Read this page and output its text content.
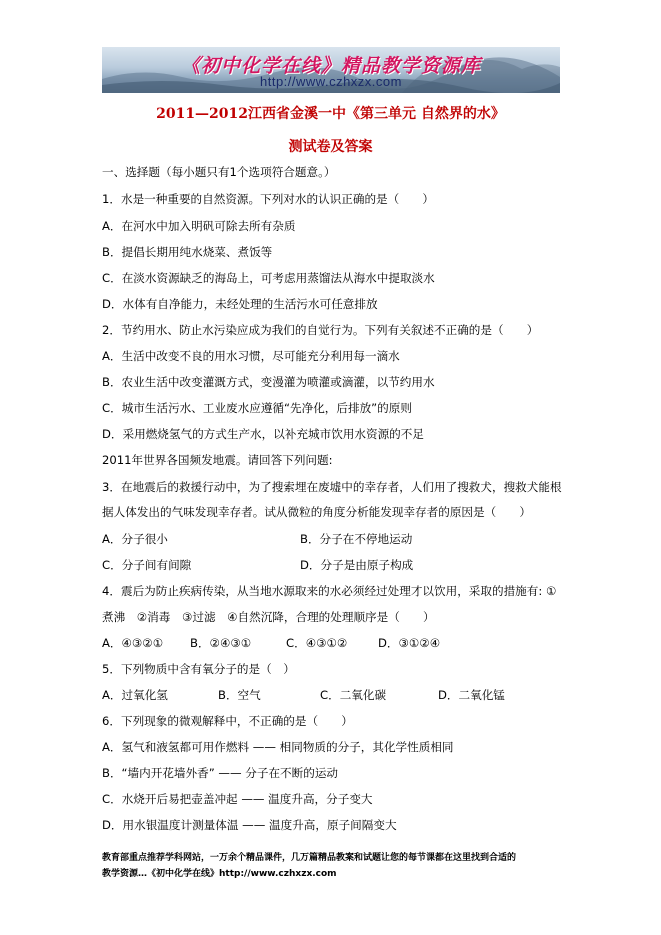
《初中化学在线》精品教学资源库
http://www.czhxzx.com
2011—2012江西省金溪一中《第三单元 自然界的水》
测试卷及答案
一、选择题（每小题只有1个选项符合题意。）
1．水是一种重要的自然资源。下列对水的认识正确的是（　　）
A．在河水中加入明矾可除去所有杂质
B．提倡长期用纯水烧菜、煮饭等
C．在淡水资源缺乏的海岛上，可考虑用蒸馏法从海水中提取淡水
D．水体有自净能力，未经处理的生活污水可任意排放
2．节约用水、防止水污染应成为我们的自觉行为。下列有关叙述不正确的是（　　）
A．生活中改变不良的用水习惯，尽可能充分利用每一滴水
B．农业生活中改变灌溉方式，变漫灌为喷灌或滴灌，以节约用水
C．城市生活污水、工业废水应遵循“先净化，后排放”的原则
D．采用燃烧氢气的方式生产水，以补充城市饮用水资源的不足
2011年世界各国频发地震。请回答下列问题:
3．在地震后的救援行动中，为了搜索埋在废墟中的幸存者，人们用了搜救犬，搜救犬能根
据人体发出的气味发现幸存者。试从微粒的角度分析能发现幸存者的原因是（　　）
A．分子很小	B．分子在不停地运动
C．分子间有间隙	D．分子是由原子构成
4．震后为防止疾病传染，从当地水源取来的水必须经过处理才以饮用，采取的措施有: ①
煮沸　②消毒　③过滤　④自然沉降，合理的处理顺序是（　　）
A．④③②① B．②④③①	C．④③①②	D．③①②④
5．下列物质中含有氧分子的是（　）
A．过氧化氢	B．空气	C．二氧化碳	D．二氧化锰
6．下列现象的微观解释中，不正确的是（　　）
A．氢气和液氢都可用作燃料 —— 相同物质的分子，其化学性质相同
B．“墙内开花墙外香” —— 分子在不断的运动
C．水烧开后易把壶盖冲起 —— 温度升高，分子变大
D．用水银温度计测量体温 —— 温度升高，原子间隔变大
教育部重点推荐学科网站，一万余个精品课件，几万篇精品教案和试题让您的每节课都在这里找到合适的
教学资源…《初中化学在线》http://www.czhxzx.com
